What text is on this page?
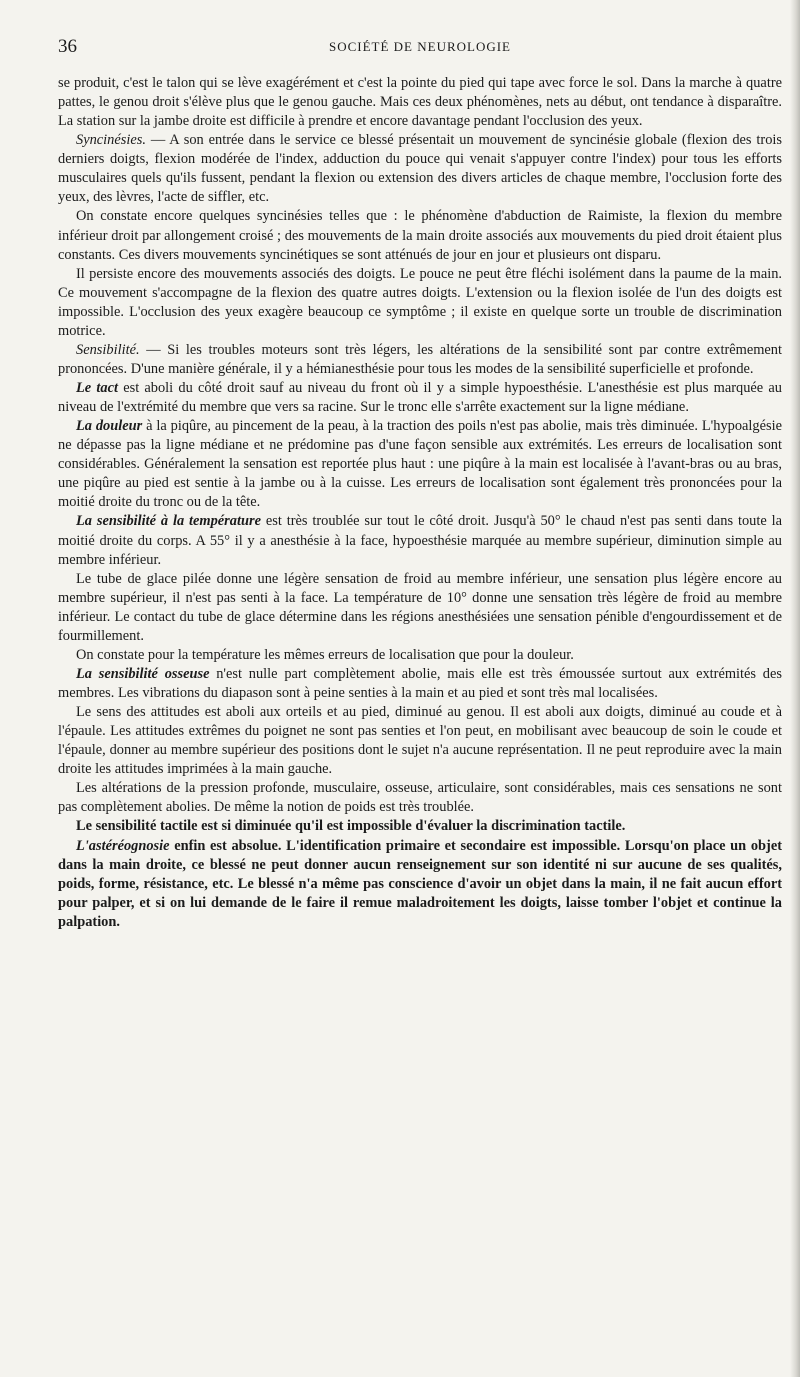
36	SOCIÉTÉ DE NEUROLOGIE

se produit, c'est le talon qui se lève exagérément et c'est la pointe du pied qui tape avec force le sol. Dans la marche à quatre pattes, le genou droit s'élève plus que le genou gauche. Mais ces deux phénomènes, nets au début, ont tendance à disparaître. La station sur la jambe droite est difficile à prendre et encore davantage pendant l'occlusion des yeux.

Syncinésies. — A son entrée dans le service ce blessé présentait un mouvement de syncinésie globale (flexion des trois derniers doigts, flexion modérée de l'index, adduction du pouce qui venait s'appuyer contre l'index) pour tous les efforts musculaires quels qu'ils fussent, pendant la flexion ou extension des divers articles de chaque membre, l'occlusion forte des yeux, des lèvres, l'acte de siffler, etc.

On constate encore quelques syncinésies telles que : le phénomène d'abduction de Raimiste, la flexion du membre inférieur droit par allongement croisé ; des mouvements de la main droite associés aux mouvements du pied droit étaient plus constants. Ces divers mouvements syncinétiques se sont atténués de jour en jour et plusieurs ont disparu.

Il persiste encore des mouvements associés des doigts. Le pouce ne peut être fléchi isolément dans la paume de la main. Ce mouvement s'accompagne de la flexion des quatre autres doigts. L'extension ou la flexion isolée de l'un des doigts est impossible. L'occlusion des yeux exagère beaucoup ce symptôme ; il existe en quelque sorte un trouble de discrimination motrice.

Sensibilité. — Si les troubles moteurs sont très légers, les altérations de la sensibilité sont par contre extrêmement prononcées. D'une manière générale, il y a hémianesthésie pour tous les modes de la sensibilité superficielle et profonde.

Le tact est aboli du côté droit sauf au niveau du front où il y a simple hypoesthésie. L'anesthésie est plus marquée au niveau de l'extrémité du membre que vers sa racine. Sur le tronc elle s'arrête exactement sur la ligne médiane.

La douleur à la piqûre, au pincement de la peau, à la traction des poils n'est pas abolie, mais très diminuée. L'hypoalgésie ne dépasse pas la ligne médiane et ne prédomine pas d'une façon sensible aux extrémités. Les erreurs de localisation sont considérables. Généralement la sensation est reportée plus haut : une piqûre à la main est localisée à l'avant-bras ou au bras, une piqûre au pied est sentie à la jambe ou à la cuisse. Les erreurs de localisation sont également très prononcées pour la moitié droite du tronc ou de la tête.

La sensibilité à la température est très troublée sur tout le côté droit. Jusqu'à 50° le chaud n'est pas senti dans toute la moitié droite du corps. A 55° il y a anesthésie à la face, hypoesthésie marquée au membre supérieur, diminution simple au membre inférieur.

Le tube de glace pilée donne une légère sensation de froid au membre inférieur, une sensation plus légère encore au membre supérieur, il n'est pas senti à la face. La température de 10° donne une sensation très légère de froid au membre inférieur. Le contact du tube de glace détermine dans les régions anesthésiées une sensation pénible d'engourdissement et de fourmillement.

On constate pour la température les mêmes erreurs de localisation que pour la douleur.

La sensibilité osseuse n'est nulle part complètement abolie, mais elle est très émoussée surtout aux extrémités des membres. Les vibrations du diapason sont à peine senties à la main et au pied et sont très mal localisées.

Le sens des attitudes est aboli aux orteils et au pied, diminué au genou. Il est aboli aux doigts, diminué au coude et à l'épaule. Les attitudes extrêmes du poignet ne sont pas senties et l'on peut, en mobilisant avec beaucoup de soin le coude et l'épaule, donner au membre supérieur des positions dont le sujet n'a aucune représentation. Il ne peut reproduire avec la main droite les attitudes imprimées à la main gauche.

Les altérations de la pression profonde, musculaire, osseuse, articulaire, sont considérables, mais ces sensations ne sont pas complètement abolies. De même la notion de poids est très troublée.

Le sensibilité tactile est si diminuée qu'il est impossible d'évaluer la discrimination tactile.

L'astéréognosie enfin est absolue. L'identification primaire et secondaire est impossible. Lorsqu'on place un objet dans la main droite, ce blessé ne peut donner aucun renseignement sur son identité ni sur aucune de ses qualités, poids, forme, résistance, etc. Le blessé n'a même pas conscience d'avoir un objet dans la main, il ne fait aucun effort pour palper, et si on lui demande de le faire il remue maladroitement les doigts, laisse tomber l'objet et continue la palpation.
